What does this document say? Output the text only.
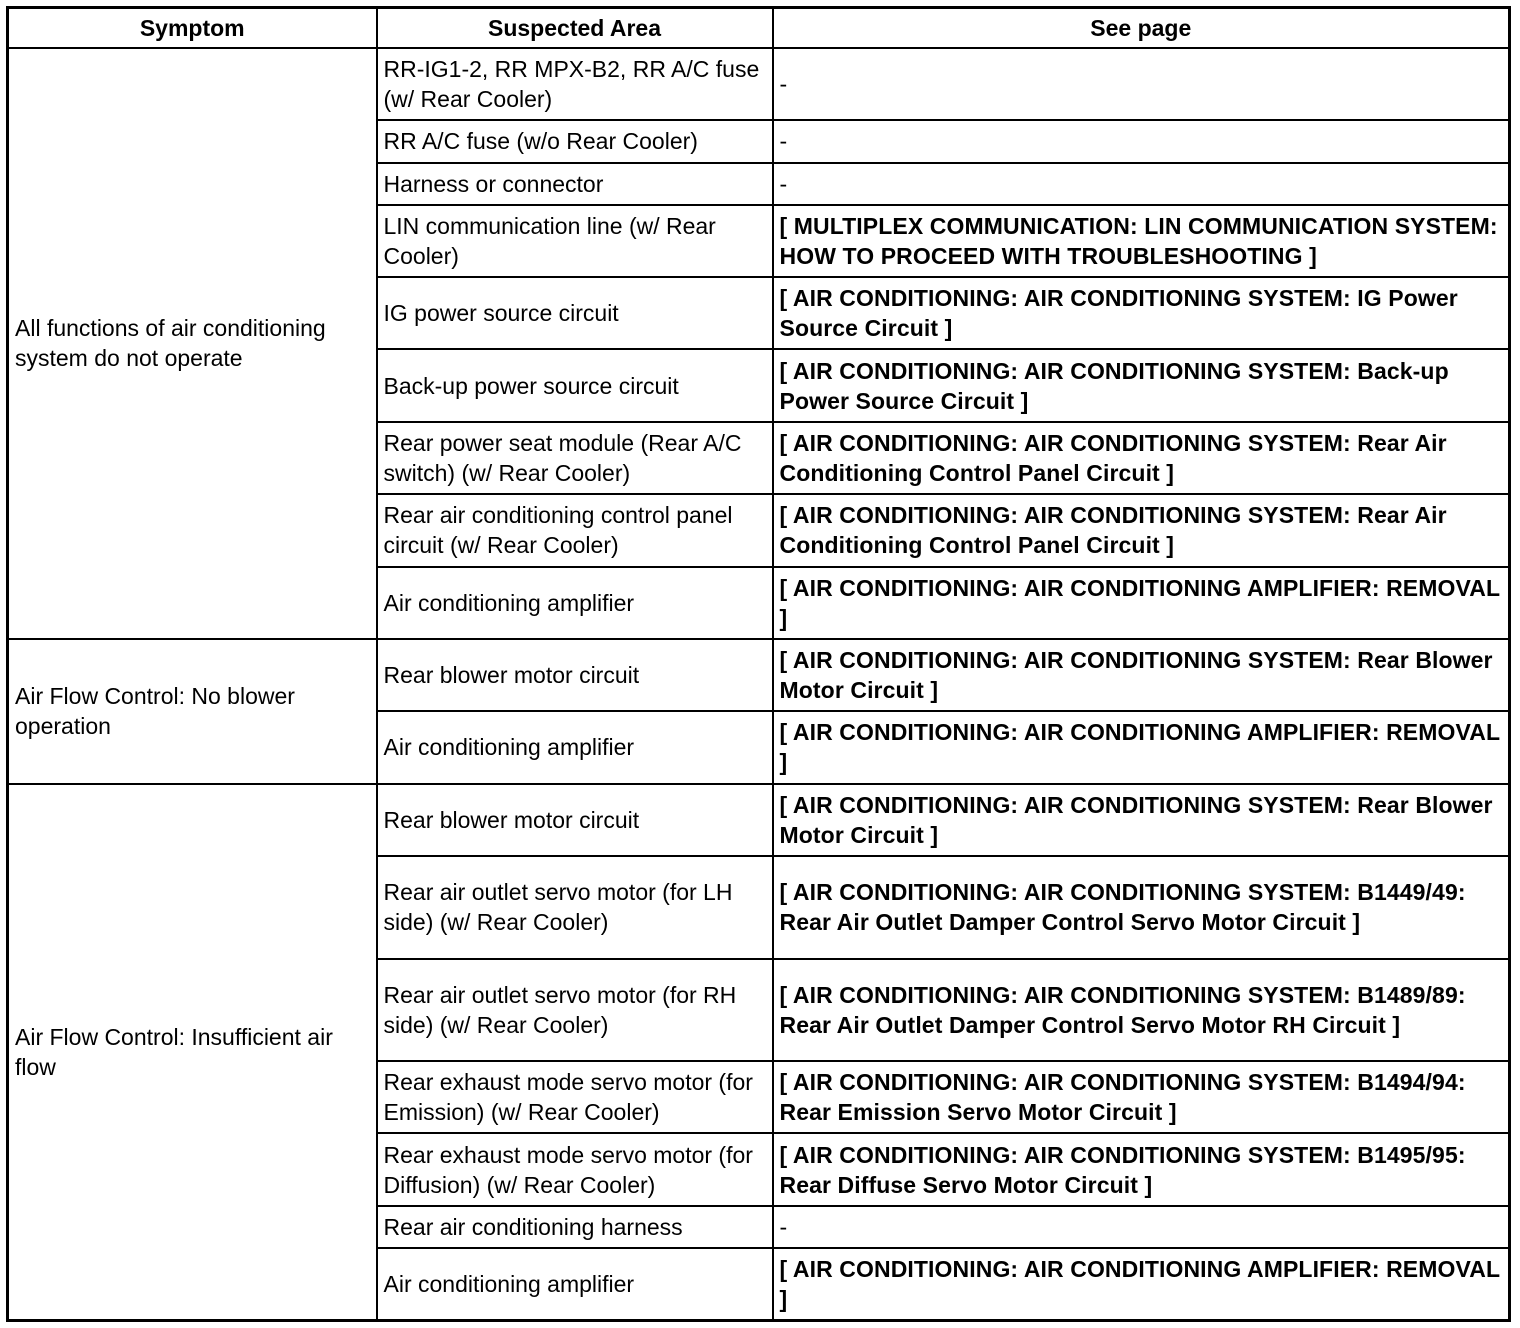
Symptom	Suspected Area	See page
All functions of air conditioning system do not operate	RR-IG1-2, RR MPX-B2, RR A/C fuse (w/ Rear Cooler)	-
	RR A/C fuse (w/o Rear Cooler)	-
	Harness or connector	-
	LIN communication line (w/ Rear Cooler)	[ MULTIPLEX COMMUNICATION: LIN COMMUNICATION SYSTEM: HOW TO PROCEED WITH TROUBLESHOOTING ]
	IG power source circuit	[ AIR CONDITIONING: AIR CONDITIONING SYSTEM: IG Power Source Circuit ]
	Back-up power source circuit	[ AIR CONDITIONING: AIR CONDITIONING SYSTEM: Back-up Power Source Circuit ]
	Rear power seat module (Rear A/C switch) (w/ Rear Cooler)	[ AIR CONDITIONING: AIR CONDITIONING SYSTEM: Rear Air Conditioning Control Panel Circuit ]
	Rear air conditioning control panel circuit (w/ Rear Cooler)	[ AIR CONDITIONING: AIR CONDITIONING SYSTEM: Rear Air Conditioning Control Panel Circuit ]
	Air conditioning amplifier	[ AIR CONDITIONING: AIR CONDITIONING AMPLIFIER: REMOVAL ]
Air Flow Control: No blower operation	Rear blower motor circuit	[ AIR CONDITIONING: AIR CONDITIONING SYSTEM: Rear Blower Motor Circuit ]
	Air conditioning amplifier	[ AIR CONDITIONING: AIR CONDITIONING AMPLIFIER: REMOVAL ]
Air Flow Control: Insufficient air flow	Rear blower motor circuit	[ AIR CONDITIONING: AIR CONDITIONING SYSTEM: Rear Blower Motor Circuit ]
	Rear air outlet servo motor (for LH side) (w/ Rear Cooler)	[ AIR CONDITIONING: AIR CONDITIONING SYSTEM: B1449/49: Rear Air Outlet Damper Control Servo Motor Circuit ]
	Rear air outlet servo motor (for RH side) (w/ Rear Cooler)	[ AIR CONDITIONING: AIR CONDITIONING SYSTEM: B1489/89: Rear Air Outlet Damper Control Servo Motor RH Circuit ]
	Rear exhaust mode servo motor (for Emission) (w/ Rear Cooler)	[ AIR CONDITIONING: AIR CONDITIONING SYSTEM: B1494/94: Rear Emission Servo Motor Circuit ]
	Rear exhaust mode servo motor (for Diffusion) (w/ Rear Cooler)	[ AIR CONDITIONING: AIR CONDITIONING SYSTEM: B1495/95: Rear Diffuse Servo Motor Circuit ]
	Rear air conditioning harness	-
	Air conditioning amplifier	[ AIR CONDITIONING: AIR CONDITIONING AMPLIFIER: REMOVAL ]
